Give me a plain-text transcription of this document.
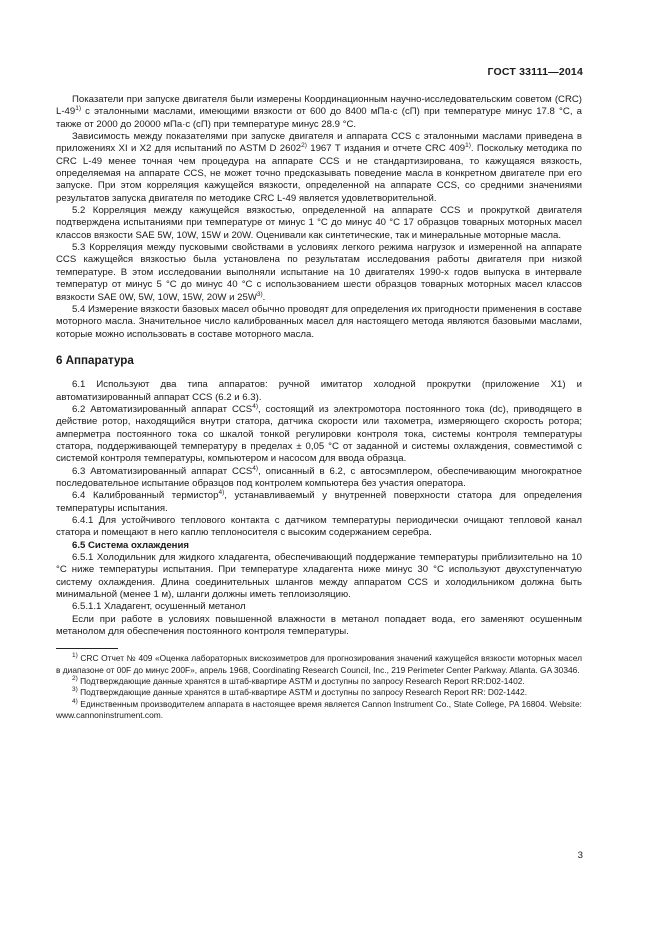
ГОСТ 33111—2014

Показатели при запуске двигателя были измерены Координационным научно-исследовательским советом (CRC) L-49$^{1)}$ с эталонными маслами, имеющими вязкости от 600 до 8400 мПа·с (сП) при температуре минус 17.8 °С, а также от 2000 до 20000 мПа·с (сП) при температуре минус 28.9 °С.

Зависимость между показателями при запуске двигателя и аппарата CCS с эталонными маслами приведена в приложениях XI и X2 для испытаний по ASTM D 2602$^{2)}$ 1967 Т издания и отчете CRC 409$^{1)}$. Поскольку методика по CRC L-49 менее точная чем процедура на аппарате CCS и не стандартизирована, то кажущаяся вязкость, определяемая на аппарате CCS, не может точно предсказывать поведение масла в конкретном двигателе при его запуске. При этом корреляция кажущейся вязкости, определенной на аппарате CCS, со средними значениями результатов запуска двигателя по методике CRC L-49 является удовлетворительной.

5.2 Корреляция между кажущейся вязкостью, определенной на аппарате CCS и прокруткой двигателя подтверждена испытаниями при температуре от минус 1 °С до минус 40 °С 17 образцов товарных моторных масел классов вязкости SAE 5W, 10W, 15W и 20W. Оценивали как синтетические, так и минеральные моторные масла.

5.3 Корреляция между пусковыми свойствами в условиях легкого режима нагрузок и измеренной на аппарате CCS кажущейся вязкостью была установлена по результатам исследования работы двигателя при низкой температуре. В этом исследовании выполняли испытание на 10 двигателях 1990-х годов выпуска в интервале температур от минус 5 °С до минус 40 °С с использованием шести образцов товарных моторных масел классов вязкости SAE 0W, 5W, 10W, 15W, 20W и $25W^{3)}$.

5.4 Измерение вязкости базовых масел обычно проводят для определения их пригодности применения в составе моторного масла. Значительное число калиброванных масел для настоящего метода являются базовыми маслами, которые можно использовать в составе моторного масла.

6 Аппаратура

6.1 Используют два типа аппаратов: ручной имитатор холодной прокрутки (приложение X1) и автоматизированный аппарат CCS (6.2 и 6.3).

6.2 Автоматизированный аппарат CCS$^{4)}$, состоящий из электромотора постоянного тока (dc), приводящего в действие ротор, находящийся внутри статора, датчика скорости или тахометра, измеряющего скорость ротора; амперметра постоянного тока со шкалой тонкой регулировки контроля тока, системы контроля температуры статора, поддерживающей температуру в пределах ± 0,05 °С от заданной и системы охлаждения, совместимой с системой контроля температуры, компьютером и насосом для ввода образца.

6.3 Автоматизированный аппарат CCS$^{4)}$, описанный в 6.2, с автосэмплером, обеспечивающим многократное последовательное испытание образцов под контролем компьютера без участия оператора.

6.4 Калиброванный термистор$^{4)}$, устанавливаемый у внутренней поверхности статора для определения температуры испытания.

6.4.1 Для устойчивого теплового контакта с датчиком температуры периодически очищают тепловой канал статора и помещают в него каплю теплоносителя с высоким содержанием серебра.

6.5 Система охлаждения

6.5.1 Холодильник для жидкого хладагента, обеспечивающий поддержание температуры приблизительно на 10 °С ниже температуры испытания. При температуре хладагента ниже минус 30 °С используют двухступенчатую систему охлаждения. Длина соединительных шлангов между аппаратом CCS и холодильником должна быть минимальной (менее 1 м), шланги должны иметь теплоизоляцию.

6.5.1.1 Хладагент, осушенный метанол

Если при работе в условиях повышенной влажности в метанол попадает вода, его заменяют осушенным метанолом для обеспечения постоянного контроля температуры.

$^{1)}$ CRC Отчет № 409 «Оценка лабораторных вискозиметров для прогнозирования значений кажущейся вязкости моторных масел в диапазоне от 00F до минус 200F», апрель 1968, Coordinating Research Council, Inc., 219 Perimeter Center Parkway. Atlanta. GA 30346.

$^{2)}$ Подтверждающие данные хранятся в штаб-квартире ASTM и доступны по запросу Research Report RR:D02-1402.

$^{3)}$ Подтверждающие данные хранятся в штаб-квартире ASTM и доступны по запросу Research Report RR: D02-1442.

$^{4)}$ Единственным производителем аппарата в настоящее время является Cannon Instrument Co., State College, PA 16804. Website: www.cannoninstrument.com.

3
